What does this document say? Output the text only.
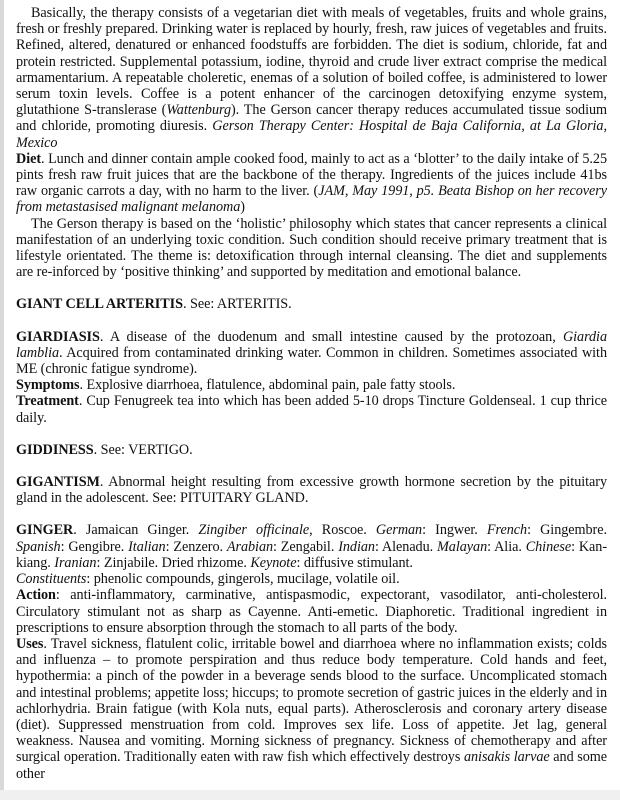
Basically, the therapy consists of a vegetarian diet with meals of vegetables, fruits and whole grains, fresh or freshly prepared. Drinking water is replaced by hourly, fresh, raw juices of vegetables and fruits. Refined, altered, denatured or enhanced foodstuffs are forbidden. The diet is sodium, chloride, fat and protein restricted. Supplemental potassium, iodine, thyroid and crude liver extract comprise the medical armamentarium. A repeatable choleretic, enemas of a solution of boiled coffee, is administered to lower serum toxin levels. Coffee is a potent enhancer of the carcinogen detoxifying enzyme system, glutathione S-translerase (Wattenburg). The Gerson cancer therapy reduces accumulated tissue sodium and chloride, promoting diuresis. Gerson Therapy Center: Hospital de Baja California, at La Gloria, Mexico

Diet. Lunch and dinner contain ample cooked food, mainly to act as a ‘blotter’ to the daily intake of 5.25 pints fresh raw fruit juices that are the backbone of the therapy. Ingredients of the juices include 41bs raw organic carrots a day, with no harm to the liver. (JAM, May 1991, p5. Beata Bishop on her recovery from metastasised malignant melanoma)

The Gerson therapy is based on the ‘holistic’ philosophy which states that cancer represents a clinical manifestation of an underlying toxic condition. Such condition should receive primary treatment that is lifestyle orientated. The theme is: detoxification through internal cleansing. The diet and supplements are re-inforced by ‘positive thinking’ and supported by meditation and emotional balance.

GIANT CELL ARTERITIS. See: ARTERITIS.

GIARDIASIS. A disease of the duodenum and small intestine caused by the protozoan, Giardia lamblia. Acquired from contaminated drinking water. Common in children. Sometimes associated with ME (chronic fatigue syndrome).

Symptoms. Explosive diarrhoea, flatulence, abdominal pain, pale fatty stools.

Treatment. Cup Fenugreek tea into which has been added 5-10 drops Tincture Goldenseal. 1 cup thrice daily.

GIDDINESS. See: VERTIGO.

GIGANTISM. Abnormal height resulting from excessive growth hormone secretion by the pituitary gland in the adolescent. See: PITUITARY GLAND.

GINGER. Jamaican Ginger. Zingiber officinale, Roscoe. German: Ingwer. French: Gingembre. Spanish: Gengibre. Italian: Zenzero. Arabian: Zengabil. Indian: Alenadu. Malayan: Alia. Chinese: Kan-kiang. Iranian: Zinjabile. Dried rhizome. Keynote: diffusive stimulant.

Constituents: phenolic compounds, gingerols, mucilage, volatile oil.

Action: anti-inflammatory, carminative, antispasmodic, expectorant, vasodilator, anti-cholesterol. Circulatory stimulant not as sharp as Cayenne. Anti-emetic. Diaphoretic. Traditional ingredient in prescriptions to ensure absorption through the stomach to all parts of the body.

Uses. Travel sickness, flatulent colic, irritable bowel and diarrhoea where no inflammation exists; colds and influenza – to promote perspiration and thus reduce body temperature. Cold hands and feet, hypothermia: a pinch of the powder in a beverage sends blood to the surface. Uncomplicated stomach and intestinal problems; appetite loss; hiccups; to promote secretion of gastric juices in the elderly and in achlorhydria. Brain fatigue (with Kola nuts, equal parts). Atherosclerosis and coronary artery disease (diet). Suppressed menstruation from cold. Improves sex life. Loss of appetite. Jet lag, general weakness. Nausea and vomiting. Morning sickness of pregnancy. Sickness of chemotherapy and after surgical operation. Traditionally eaten with raw fish which effectively destroys anisakis larvae and some other
